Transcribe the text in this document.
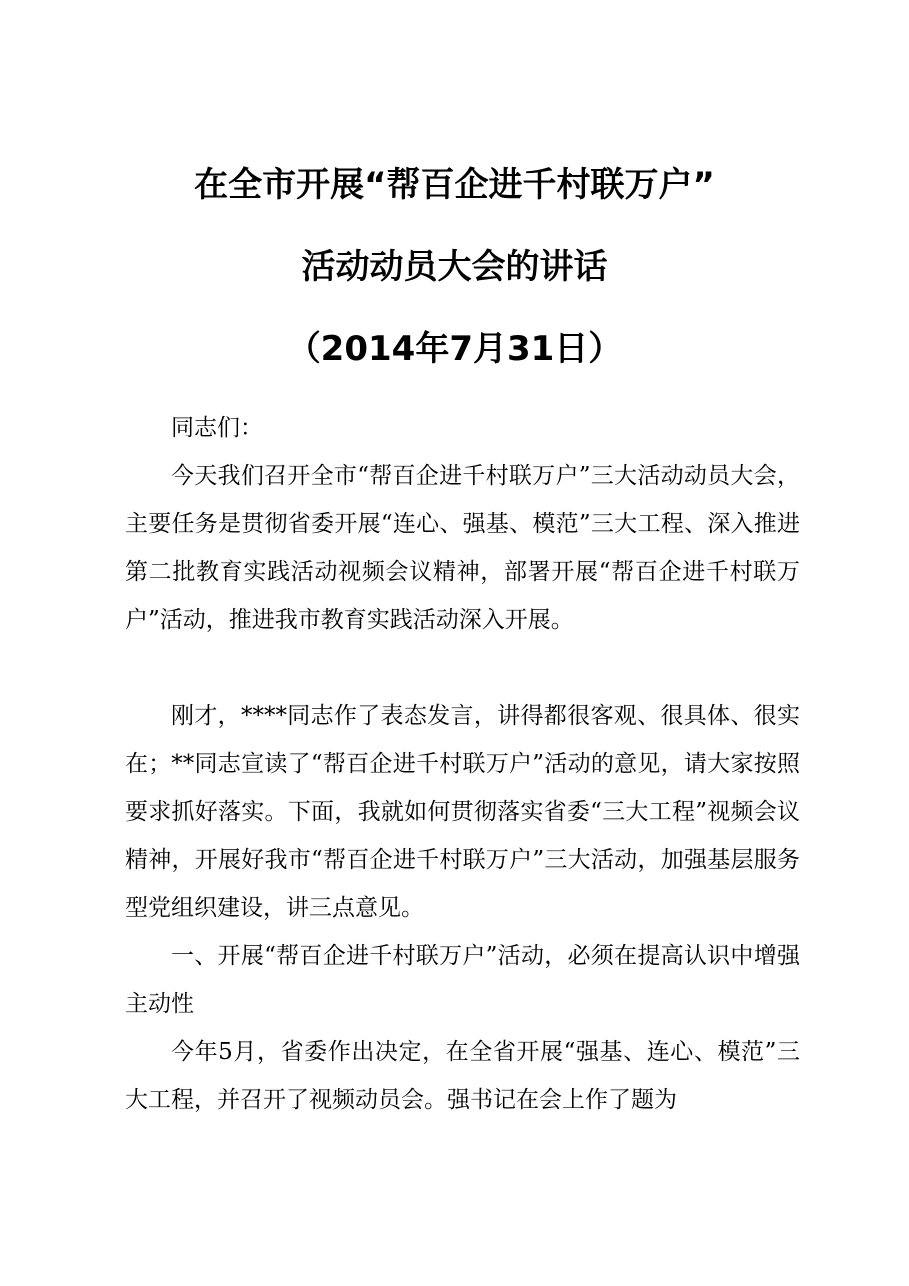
在全市开展“帮百企进千村联万户”
活动动员大会的讲话
（2014年7月31日）
同志们：

今天我们召开全市“帮百企进千村联万户”三大活动动员大会，主要任务是贯彻省委开展“连心、强基、模范”三大工程、深入推进第二批教育实践活动视频会议精神，部署开展“帮百企进千村联万户”活动，推进我市教育实践活动深入开展。

刚才，****同志作了表态发言，讲得都很客观、很具体、很实在；**同志宣读了“帮百企进千村联万户”活动的意见，请大家按照要求抓好落实。下面，我就如何贯彻落实省委“三大工程”视频会议精神，开展好我市“帮百企进千村联万户”三大活动，加强基层服务型党组织建设，讲三点意见。

一、开展“帮百企进千村联万户”活动，必须在提高认识中增强主动性

今年5月，省委作出决定，在全省开展“强基、连心、模范”三大工程，并召开了视频动员会。强书记在会上作了题为
